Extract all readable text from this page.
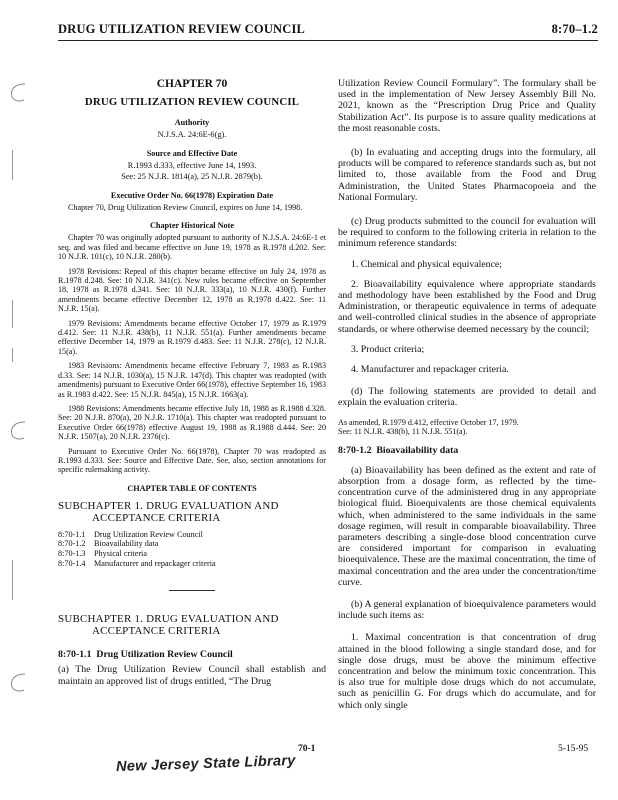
DRUG UTILIZATION REVIEW COUNCIL	8:70–1.2
CHAPTER 70
DRUG UTILIZATION REVIEW COUNCIL
Authority
N.J.S.A. 24:6E-6(g).
Source and Effective Date
R.1993 d.333, effective June 14, 1993.
See: 25 N.J.R. 1814(a), 25 N.J.R. 2879(b).
Executive Order No. 66(1978) Expiration Date
Chapter 70, Drug Utilization Review Council, expires on June 14, 1998.
Chapter Historical Note
Chapter 70 was originally adopted pursuant to authority of N.J.S.A. 24:6E-1 et seq. and was filed and became effective on June 19, 1978 as R.1978 d.202. See: 10 N.J.R. 101(c), 10 N.J.R. 280(b).
1978 Revisions: Repeal of this chapter became effective on July 24, 1978 as R.1978 d.248. See: 10 N.J.R. 341(c). New rules became effective on September 18, 1978 as R.1978 d.341. See: 10 N.J.R. 333(a), 10 N.J.R. 430(f). Further amendments became effective December 12, 1978 as R.1978 d.422. See: 11 N.J.R. 15(a).
1979 Revisions: Amendments became effective October 17, 1979 as R.1979 d.412. See: 11 N.J.R. 438(b), 11 N.J.R. 551(a). Further amendments became effective December 14, 1979 as R.1979 d.483. See: 11 N.J.R. 278(c), 12 N.J.R. 15(a).
1983 Revisions: Amendments became effective February 7, 1983 as R.1983 d.33. See: 14 N.J.R. 1030(a), 15 N.J.R. 147(d). This chapter was readopted (with amendments) pursuant to Executive Order 66(1978), effective September 16, 1983 as R.1983 d.422. See: 15 N.J.R. 845(a), 15 N.J.R. 1663(a).
1988 Revisions: Amendments became effective July 18, 1988 as R.1988 d.328. See: 20 N.J.R. 870(a), 20 N.J.R. 1710(a). This chapter was readopted pursuant to Executive Order 66(1978) effective August 19, 1988 as R.1988 d.444. See: 20 N.J.R. 1507(a), 20 N.J.R. 2376(c).
Pursuant to Executive Order No. 66(1978), Chapter 70 was readopted as R.1993 d.333. See: Source and Effective Date. See, also, section annotations for specific rulemaking activity.
CHAPTER TABLE OF CONTENTS
SUBCHAPTER 1. DRUG EVALUATION AND
ACCEPTANCE CRITERIA
8:70-1.1 Drug Utilization Review Council
8:70-1.2 Bioavailability data
8:70-1.3 Physical criteria
8:70-1.4 Manufacturer and repackager criteria
SUBCHAPTER 1. DRUG EVALUATION AND
ACCEPTANCE CRITERIA
8:70-1.1 Drug Utilization Review Council
(a) The Drug Utilization Review Council shall establish and maintain an approved list of drugs entitled, “The Drug
Utilization Review Council Formulary”. The formulary shall be used in the implementation of New Jersey Assembly Bill No. 2021, known as the “Prescription Drug Price and Quality Stabilization Act”. Its purpose is to assure quality medications at the most reasonable costs.
(b) In evaluating and accepting drugs into the formulary, all products will be compared to reference standards such as, but not limited to, those available from the Food and Drug Administration, the United States Pharmacopoeia and the National Formulary.
(c) Drug products submitted to the council for evaluation will be required to conform to the following criteria in relation to the minimum reference standards:
1. Chemical and physical equivalence;
2. Bioavailability equivalence where appropriate standards and methodology have been established by the Food and Drug Administration, or therapeutic equivalence in terms of adequate and well-controlled clinical studies in the absence of appropriate standards, or where otherwise deemed necessary by the council;
3. Product criteria;
4. Manufacturer and repackager criteria.
(d) The following statements are provided to detail and explain the evaluation criteria.
As amended, R.1979 d.412, effective October 17, 1979.
See: 11 N.J.R. 438(b), 11 N.J.R. 551(a).
8:70-1.2 Bioavailability data
(a) Bioavailability has been defined as the extent and rate of absorption from a dosage form, as reflected by the time-concentration curve of the administered drug in any appropriate biological fluid. Bioequivalents are those chemical equivalents which, when administered to the same individuals in the same dosage regimen, will result in comparable bioavailability. Three parameters describing a single-dose blood concentration curve are considered important for comparison in evaluating bioequivalence. These are the maximal concentration, the time of maximal concentration and the area under the concentration/time curve.
(b) A general explanation of bioequivalence parameters would include such items as:
1. Maximal concentration is that concentration of drug attained in the blood following a single standard dose, and for single dose drugs, must be above the minimum effective concentration and below the minimum toxic concentration. This is also true for multiple dose drugs which do not accumulate, such as penicillin G. For drugs which do accumulate, and for which only single
70-1	5-15-95
New Jersey State Library
